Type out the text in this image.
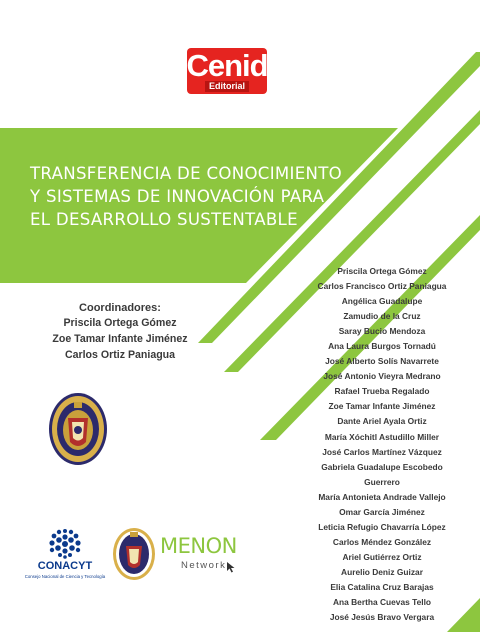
Cenid
Editorial
TRANSFERENCIA DE CONOCIMIENTO
Y SISTEMAS DE INNOVACIÓN PARA
EL DESARROLLO SUSTENTABLE
Coordinadores:
Priscila Ortega Gómez
Zoe Tamar Infante Jiménez
Carlos Ortiz Paniagua
Priscila Ortega Gómez
Carlos Francisco Ortiz Paniagua
Angélica Guadalupe
Zamudio de la Cruz
Saray Bucio Mendoza
Ana Laura Burgos Tornadú
José Alberto Solís Navarrete
José Antonio Vieyra Medrano
Rafael Trueba Regalado
Zoe Tamar Infante Jiménez
Dante Ariel Ayala Ortiz
María Xóchitl Astudillo Miller
José Carlos Martínez Vázquez
Gabriela Guadalupe Escobedo
Guerrero
María Antonieta Andrade Vallejo
Omar García Jiménez
Leticia Refugio Chavarría López
Carlos Méndez González
Ariel Gutiérrez Ortiz
Aurelio Deniz Guizar
Elia Catalina Cruz Barajas
Ana Bertha Cuevas Tello
José Jesús Bravo Vergara
CONACYT
Consejo Nacional de Ciencia y Tecnología
MENON
Network
